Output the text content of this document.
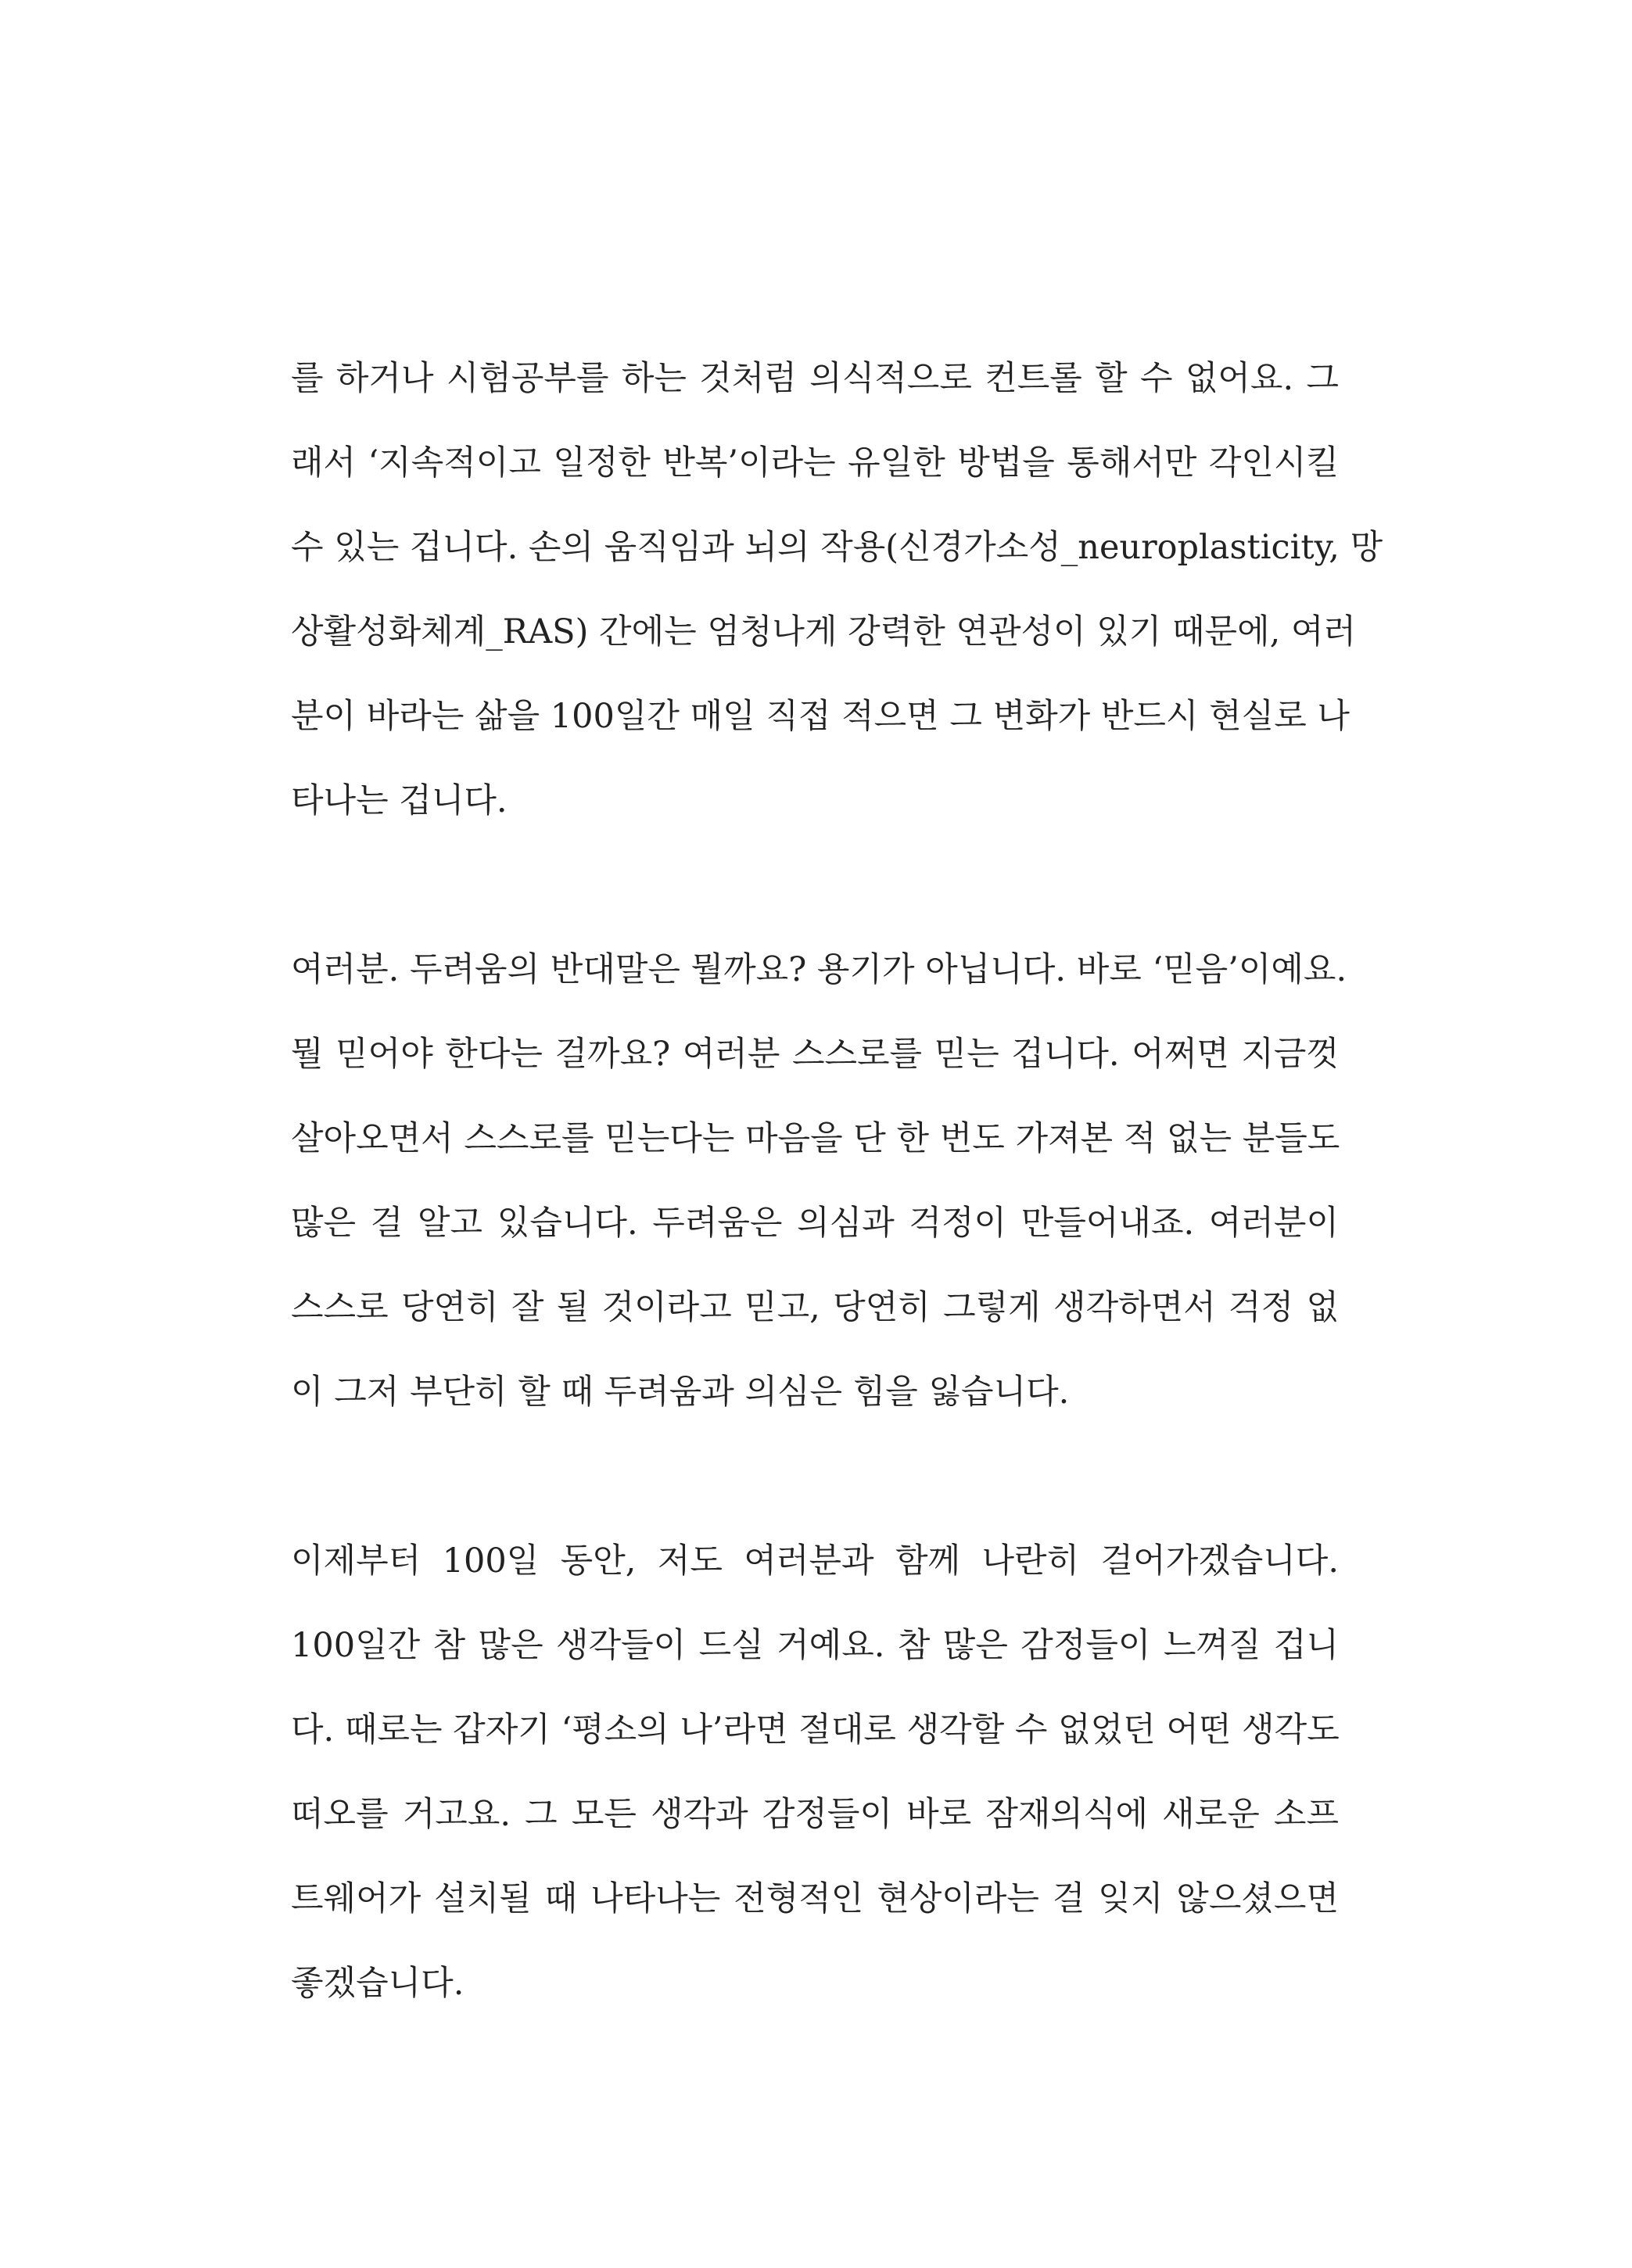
를 하거나 시험공부를 하는 것처럼 의식적으로 컨트롤 할 수 없어요. 그
래서 ‘지속적이고 일정한 반복’이라는 유일한 방법을 통해서만 각인시킬
수 있는 겁니다. 손의 움직임과 뇌의 작용(신경가소성_neuroplasticity, 망
상활성화체계_RAS) 간에는 엄청나게 강력한 연관성이 있기 때문에, 여러
분이 바라는 삶을 100일간 매일 직접 적으면 그 변화가 반드시 현실로 나
타나는 겁니다.

여러분. 두려움의 반대말은 뭘까요? 용기가 아닙니다. 바로 ‘믿음’이예요.
뭘 믿어야 한다는 걸까요? 여러분 스스로를 믿는 겁니다. 어쩌면 지금껏
살아오면서 스스로를 믿는다는 마음을 단 한 번도 가져본 적 없는 분들도
많은 걸 알고 있습니다. 두려움은 의심과 걱정이 만들어내죠. 여러분이
스스로 당연히 잘 될 것이라고 믿고, 당연히 그렇게 생각하면서 걱정 없
이 그저 부단히 할 때 두려움과 의심은 힘을 잃습니다.

이제부터 100일 동안, 저도 여러분과 함께 나란히 걸어가겠습니다.
100일간 참 많은 생각들이 드실 거예요. 참 많은 감정들이 느껴질 겁니
다. 때로는 갑자기 ‘평소의 나’라면 절대로 생각할 수 없었던 어떤 생각도
떠오를 거고요. 그 모든 생각과 감정들이 바로 잠재의식에 새로운 소프
트웨어가 설치될 때 나타나는 전형적인 현상이라는 걸 잊지 않으셨으면
좋겠습니다.
